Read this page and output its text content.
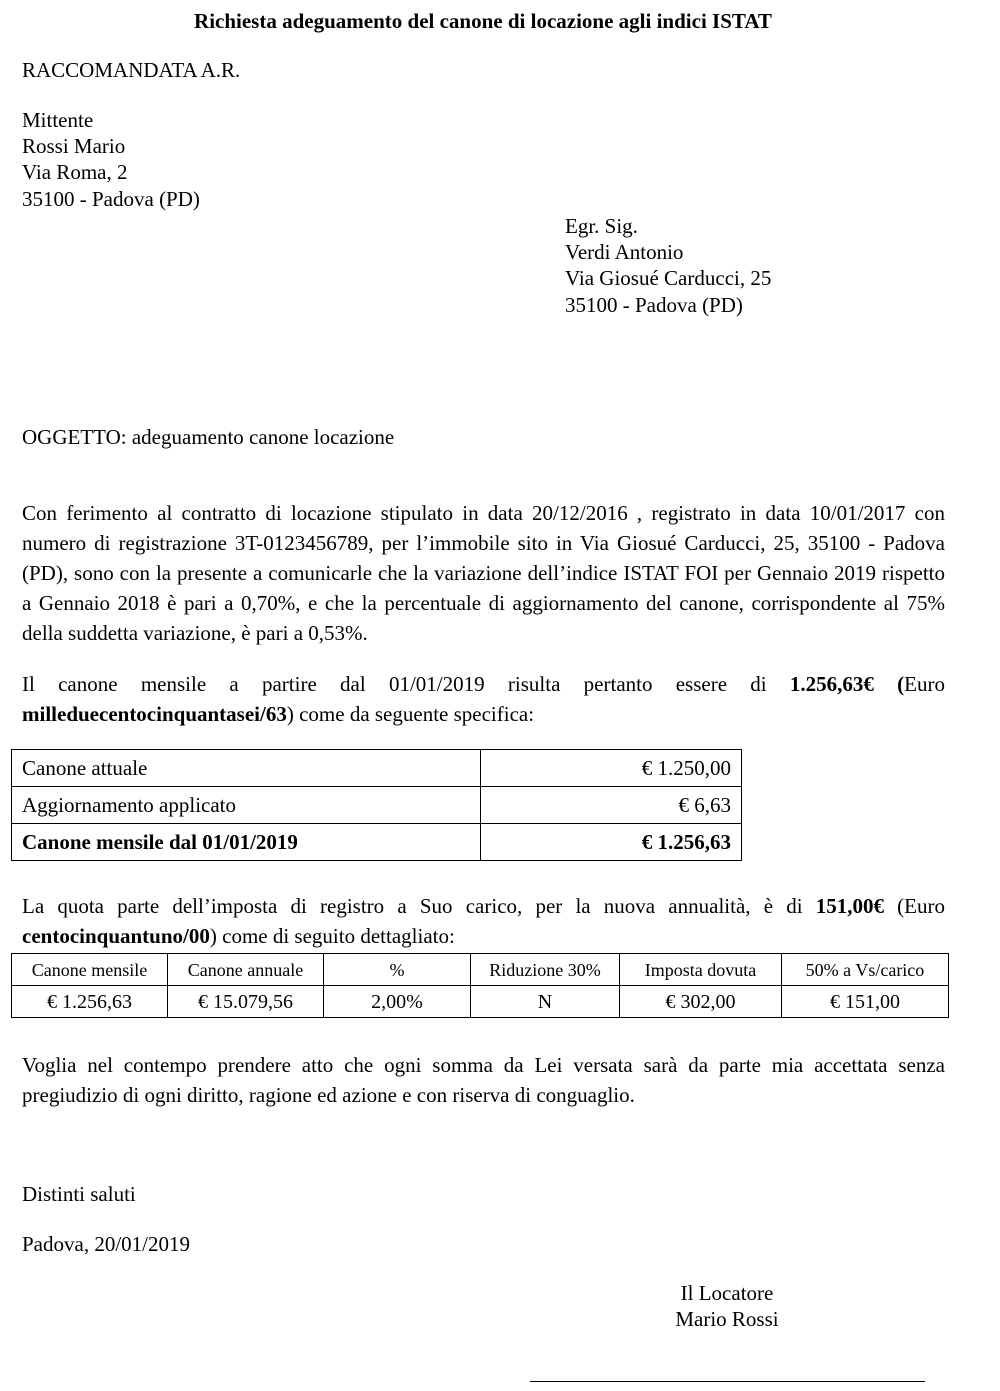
Richiesta adeguamento del canone di locazione agli indici ISTAT
RACCOMANDATA A.R.
Mittente
Rossi Mario
Via Roma, 2
35100 - Padova (PD)
Egr. Sig.
Verdi Antonio
Via Giosué Carducci, 25
35100 - Padova (PD)
OGGETTO: adeguamento canone locazione
Con ferimento al contratto di locazione stipulato in data 20/12/2016 , registrato in data 10/01/2017 con numero di registrazione 3T-0123456789, per l’immobile sito in Via Giosué Carducci, 25, 35100 - Padova (PD), sono con la presente a comunicarle che la variazione dell’indice ISTAT FOI per Gennaio 2019 rispetto a Gennaio 2018 è pari a 0,70%, e che la percentuale di aggiornamento del canone, corrispondente al 75% della suddetta variazione, è pari a 0,53%.
Il canone mensile a partire dal 01/01/2019 risulta pertanto essere di 1.256,63€ (Euro milleduecentocinquantasei/63) come da seguente specifica:
Canone attuale	€ 1.250,00
Aggiornamento applicato	€ 6,63
Canone mensile dal 01/01/2019	€ 1.256,63
La quota parte dell’imposta di registro a Suo carico, per la nuova annualità, è di 151,00€ (Euro centocinquantuno/00) come di seguito dettagliato:
Canone mensile	Canone annuale	%	Riduzione 30%	Imposta dovuta	50% a Vs/carico
€ 1.256,63	€ 15.079,56	2,00%	N	€ 302,00	€ 151,00
Voglia nel contempo prendere atto che ogni somma da Lei versata sarà da parte mia accettata senza pregiudizio di ogni diritto, ragione ed azione e con riserva di conguaglio.
Distinti saluti
Padova, 20/01/2019
Il Locatore
Mario Rossi
